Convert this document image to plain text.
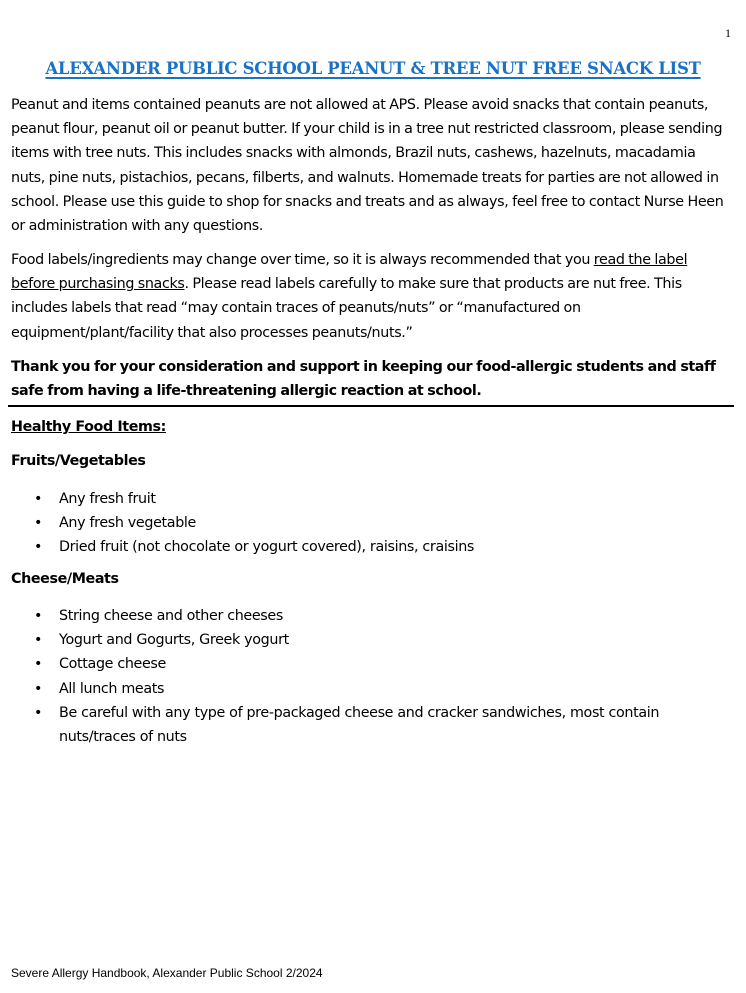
1
ALEXANDER PUBLIC SCHOOL PEANUT & TREE NUT FREE SNACK LIST
Peanut and items contained peanuts are not allowed at APS. Please avoid snacks that contain peanuts, peanut flour, peanut oil or peanut butter. If your child is in a tree nut restricted classroom, please sending items with tree nuts. This includes snacks with almonds, Brazil nuts, cashews, hazelnuts, macadamia nuts, pine nuts, pistachios, pecans, filberts, and walnuts. Homemade treats for parties are not allowed in school. Please use this guide to shop for snacks and treats and as always, feel free to contact Nurse Heen or administration with any questions.
Food labels/ingredients may change over time, so it is always recommended that you read the label before purchasing snacks. Please read labels carefully to make sure that products are nut free. This includes labels that read “may contain traces of peanuts/nuts” or “manufactured on equipment/plant/facility that also processes peanuts/nuts.”
Thank you for your consideration and support in keeping our food-allergic students and staff safe from having a life-threatening allergic reaction at school.
Healthy Food Items:
Fruits/Vegetables
• Any fresh fruit
• Any fresh vegetable
• Dried fruit (not chocolate or yogurt covered), raisins, craisins
Cheese/Meats
• String cheese and other cheeses
• Yogurt and Gogurts, Greek yogurt
• Cottage cheese
• All lunch meats
• Be careful with any type of pre-packaged cheese and cracker sandwiches, most contain nuts/traces of nuts
Severe Allergy Handbook, Alexander Public School 2/2024
